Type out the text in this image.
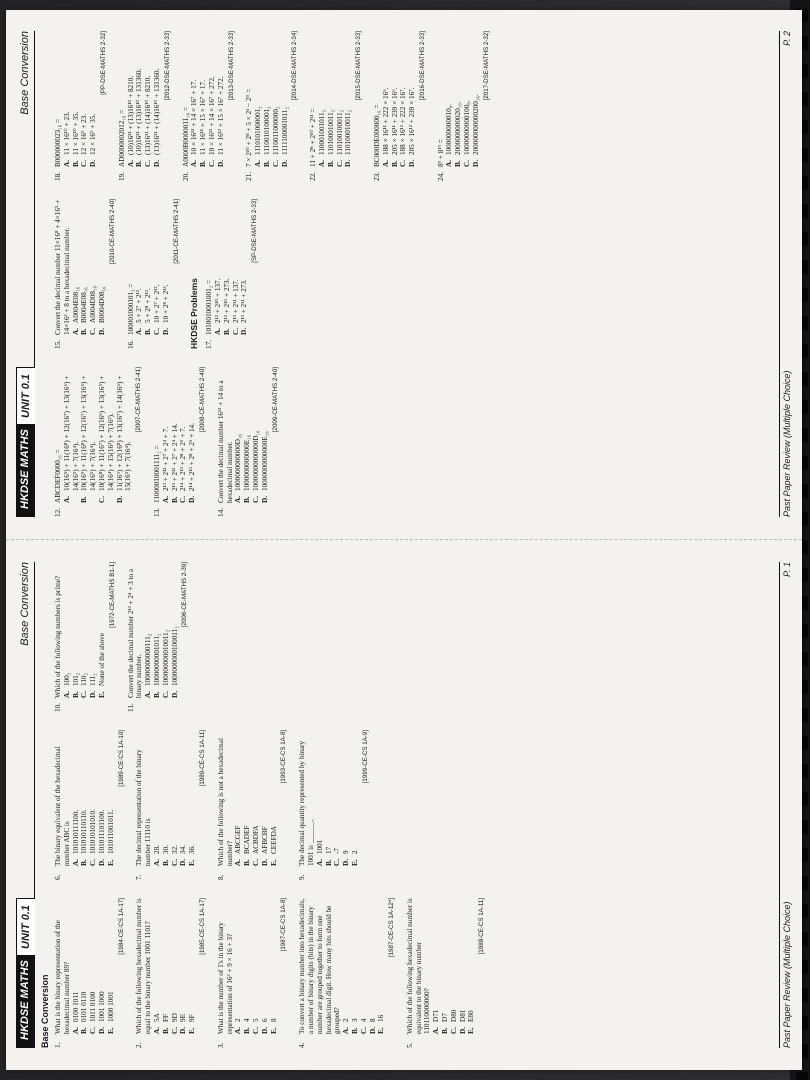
HKDSE MATHS
UNIT 0.1
Base Conversion
Base Conversion 1.
What is the binary representation of the hexadecimal number 89? A.
0100 1011
B.
0101 0110
C.
1011 0100
D.
1001 1000
E.
1000 1001
[1984-CE-CS 1A-17]
2.
Which of the following hexadecimal number is equal to the binary number 1001 1101? A.
5A
B.
FF
C.
9D
D.
9E
E.
9F
[1985-CE-CS 1A-17]
3.
What is the number of 1's in the binary representation of 16³ + 9 × 16 + 3? A.
2
B.
4
C.
5
D.
6
E.
8
[1987-CE-CS 1A-8]
4.
To convert a binary number into hexadecimals, a number of binary digits (bits) in the binary number are grouped together to form one hexadecimal digit. How many bits should be grouped? A.
2
B.
3
C.
4
D.
8
E.
16
[1987-CE-CS 1A-12*]
5.
Which of the following hexadecimal number is equivalent to the binary number 110110000000? A.
D71
B.
D7
C.
D80
D.
D81
E.
E80
[1988-CE-CS 1A-11]
6.
The binary equivalent of the hexadecimal number ABC is A.
101010111100.
B.
101010110110.
C.
101010101010.
D.
101011101100.
E.
101011001011.
[1989-CE-CS 1A-10]
7.
The decimal representation of the binary number 11110 is A.
28.
B.
30.
C.
32.
D.
34.
E.
36.
[1989-CE-CS 1A-11]
8.
Which of the following is not a hexadecimal number? A.
ABCGEF
B.
BCADEF
C.
ACBDFA
D.
AFBCBF
E.
CEEFDA
[1993-CE-CS 1A-8]
9.
The decimal quantity represented by binary 1001 is ______. A.
1001
B.
17
C.
-7
D.
9
E.
2
[1999-CE-CS 1A-9]
10.
Which of the following numbers is prime? A.
100₂
B.
101₂
C.
110₂
D.
111₂
E.
None of the above
[1972-CE-MATHS B1-1]
11.
Convert the decimal number 2¹³ + 2⁴ + 3 to a binary number. A.
10000000000111₂
B.
10000000001011₂
C.
100000000010011₂
D.
1000000000100011₂
[2006-CE-MATHS 2-39]
Past Paper Review (Multiple Choice)
P. 1
HKDSE MATHS
UNIT 0.1
Base Conversion
12.
ABCDEF0000₁₆ = A.
10(16⁹) + 11(16⁸) + 12(16⁷) + 13(16⁶) + 14(16⁵) + 7(16⁴).
B.
10(16⁹) + 11(16⁸) + 12(16⁷) + 13(16⁶) + 14(16⁵) + 7(16⁴).
C.
10(16⁸) + 11(16⁷) + 12(16⁶) + 13(16⁵) + 14(16⁴) + 15(16³) + 7(16²).
D.
11(16⁹) + 12(16⁸) + 13(16⁷) + 14(16⁶) + 15(16⁵) + 7(16⁴).
[2007-CE-MATHS 2-41]
13.
11000010001111₂ = A.
2¹³ + 2¹² + 2⁷ + 2⁴ + 7.
B.
2¹³ + 2¹² + 2⁷ + 2⁴ + 14.
C.
2¹⁴ + 2¹³ + 2⁸ + 2⁵ + 7.
D.
2¹⁴ + 2¹³ + 2⁸ + 2⁵ + 14.
[2008-CE-MATHS 2-40]
14.
Convert the decimal number 16¹³ + 14 to a hexadecimal number. A.
1000000000000D₁₆
B.
1000000000000E₁₆
C.
10000000000000D₁₆
D.
10000000000000E₁₆
[2009-CE-MATHS 2-40]
15.
Convert the decimal number 11×16⁸ + 4×16⁵ + 14×16³ + 8 to a hexadecimal number. A.
A0004E08₁₆
B.
B0004E08₁₆
C.
A0004D08₁₆
D.
B0004D08₁₆
[2010-CE-MATHS 2-40]
16.
100001000101₂ = A.
5 + 2⁷ + 2¹³.
B.
5 + 2⁸ + 2¹³.
C.
10 + 2⁷ + 2¹².
D.
10 + 2⁸ + 2¹³.
[2011-CE-MATHS 2-41]
HKDSE Problems 17.
1010010001001₂ = A.
2¹² + 2¹⁰ + 137.
B.
2¹² + 2¹⁰ + 273.
C.
2¹³ + 2¹¹ + 137.
D.
2¹³ + 2¹¹ + 273.
[SP-DSE-MATHS 2-33]
18.
B000000023₁₆ = A.
11 × 16¹⁰ + 23.
B.
11 × 16¹⁰ + 35.
C.
12 × 16⁹ + 23.
D.
12 × 16⁹ + 35.
[PP-DSE-MATHS 2-32]
19.
AD0000002012₁₆ = A.
(10)16¹¹ + (13)16¹⁰ + 8210.
B.
(10)16¹¹ + (13)16¹⁰ + 131360.
C.
(13)16¹¹ + (14)16¹⁰ + 8210.
D.
(13)16¹¹ + (14)16¹⁰ + 131360.
[2012-DSE-MATHS 2-33]
20.
A0000B0000011₁₆ = A.
10 × 16¹¹ + 14 × 16⁷ + 17.
B.
11 × 16¹¹ + 15 × 16⁷ + 17.
C.
10 × 16¹² + 14 × 16⁷ + 272.
D.
11 × 16¹² + 15 × 16⁷ + 272.
[2013-DSE-MATHS 2-33]
21.
7 × 2¹⁰ + 2⁸ + 5 × 2³ − 2⁰ = A.
1110101000001₂
B.
1110010100001₂
C.
1110011000000₂
D.
1111100001011₂
[2014-DSE-MATHS 2-34]
22.
11 + 2⁸ + 2¹⁰ + 2¹¹ = A.
110001001011₂
B.
110100010011₂
C.
110100100011₂
D.
110100010011₂
[2015-DSE-MATHS 2-33]
23.
BC000DE000000₁₆ = A.
188 × 16¹¹ + 222 × 16⁶.
B.
205 × 16¹¹ + 239 × 16⁶.
C.
188 × 16¹² + 222 × 16⁷.
D.
205 × 16¹² + 239 × 16⁷.
[2016-DSE-MATHS 2-33]
24.
8⁹ + 8¹⁹ = A.
1000000000010₈.
B.
2000000000020₁₆.
C.
10000000000100₈.
D.
200000000000200₁₆.
[2017-DSE-MATHS 2-32]
Past Paper Review (Multiple Choice)
P. 2
